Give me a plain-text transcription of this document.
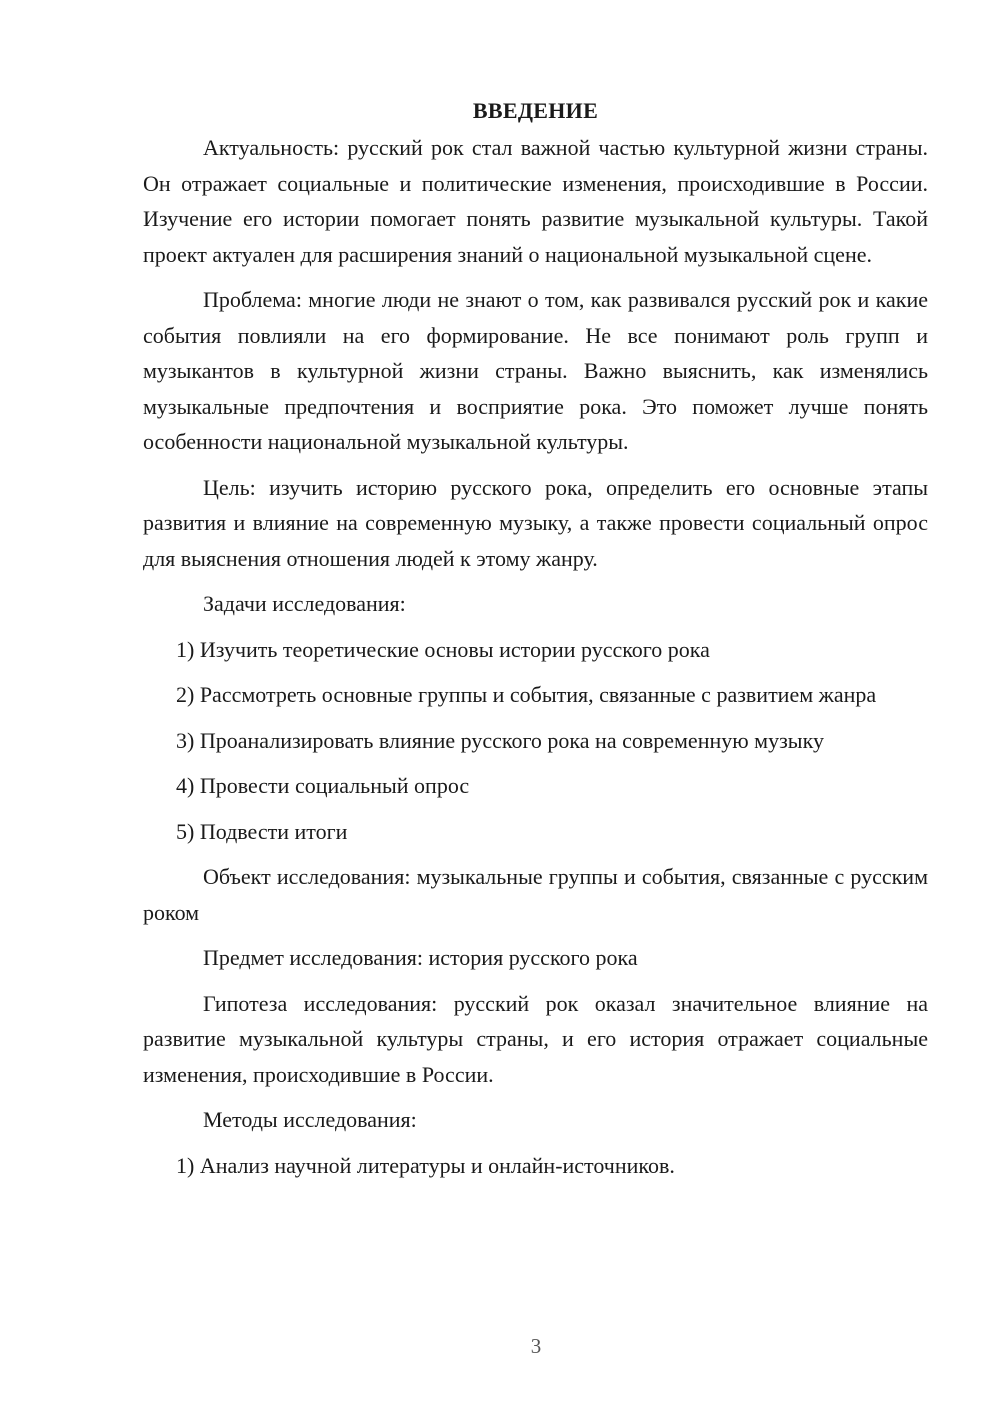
ВВЕДЕНИЕ

Актуальность: русский рок стал важной частью культурной жизни страны. Он отражает социальные и политические изменения, происходившие в России. Изучение его истории помогает понять развитие музыкальной культуры. Такой проект актуален для расширения знаний о национальной музыкальной сцене.

Проблема: многие люди не знают о том, как развивался русский рок и какие события повлияли на его формирование. Не все понимают роль групп и музыкантов в культурной жизни страны. Важно выяснить, как изменялись музыкальные предпочтения и восприятие рока. Это поможет лучше понять особенности национальной музыкальной культуры.

Цель: изучить историю русского рока, определить его основные этапы развития и влияние на современную музыку, а также провести социальный опрос для выяснения отношения людей к этому жанру.

Задачи исследования:

1) Изучить теоретические основы истории русского рока

2) Рассмотреть основные группы и события, связанные с развитием жанра

3) Проанализировать влияние русского рока на современную музыку

4) Провести социальный опрос

5) Подвести итоги

Объект исследования: музыкальные группы и события, связанные с русским роком

Предмет исследования: история русского рока

Гипотеза исследования: русский рок оказал значительное влияние на развитие музыкальной культуры страны, и его история отражает социальные изменения, происходившие в России.

Методы исследования:

1) Анализ научной литературы и онлайн-источников.

3
